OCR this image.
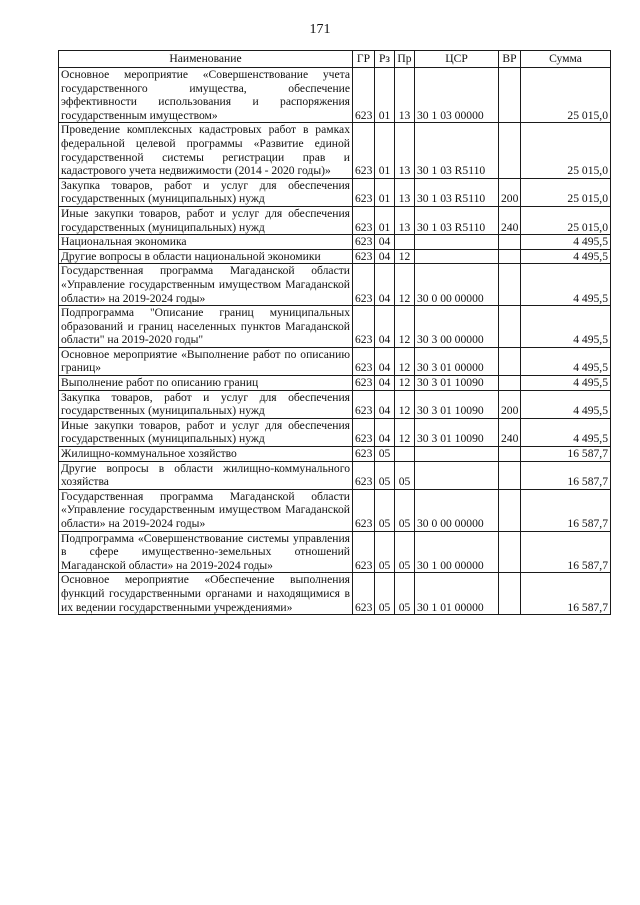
171
Наименование	ГР	Рз	Пр	ЦСР	ВР	Сумма
Основное мероприятие «Совершенствование учета государственного имущества, обеспечение эффективности использования и распоряжения государственным имуществом»	623	01	13	30 1 03 00000		25 015,0
Проведение комплексных кадастровых работ в рамках федеральной целевой программы «Развитие единой государственной системы регистрации прав и кадастрового учета недвижимости (2014 - 2020 годы)»	623	01	13	30 1 03 R5110		25 015,0
Закупка товаров, работ и услуг для обеспечения государственных (муниципальных) нужд	623	01	13	30 1 03 R5110	200	25 015,0
Иные закупки товаров, работ и услуг для обеспечения государственных (муниципальных) нужд	623	01	13	30 1 03 R5110	240	25 015,0
Национальная экономика	623	04				4 495,5
Другие вопросы в области национальной экономики	623	04	12			4 495,5
Государственная программа Магаданской области «Управление государственным имуществом Магаданской области» на 2019-2024 годы»	623	04	12	30 0 00 00000		4 495,5
Подпрограмма "Описание границ муниципальных образований и границ населенных пунктов Магаданской области" на 2019-2020 годы"	623	04	12	30 3 00 00000		4 495,5
Основное мероприятие «Выполнение работ по описанию границ»	623	04	12	30 3 01 00000		4 495,5
Выполнение работ по описанию границ	623	04	12	30 3 01 10090		4 495,5
Закупка товаров, работ и услуг для обеспечения государственных (муниципальных) нужд	623	04	12	30 3 01 10090	200	4 495,5
Иные закупки товаров, работ и услуг для обеспечения государственных (муниципальных) нужд	623	04	12	30 3 01 10090	240	4 495,5
Жилищно-коммунальное хозяйство	623	05				16 587,7
Другие вопросы в области жилищно-коммунального хозяйства	623	05	05			16 587,7
Государственная программа Магаданской области «Управление государственным имуществом Магаданской области» на 2019-2024 годы»	623	05	05	30 0 00 00000		16 587,7
Подпрограмма «Совершенствование системы управления в сфере имущественно-земельных отношений Магаданской области» на 2019-2024 годы»	623	05	05	30 1 00 00000		16 587,7
Основное мероприятие «Обеспечение выполнения функций государственными органами и находящимися в их ведении государственными учреждениями»	623	05	05	30 1 01 00000		16 587,7
